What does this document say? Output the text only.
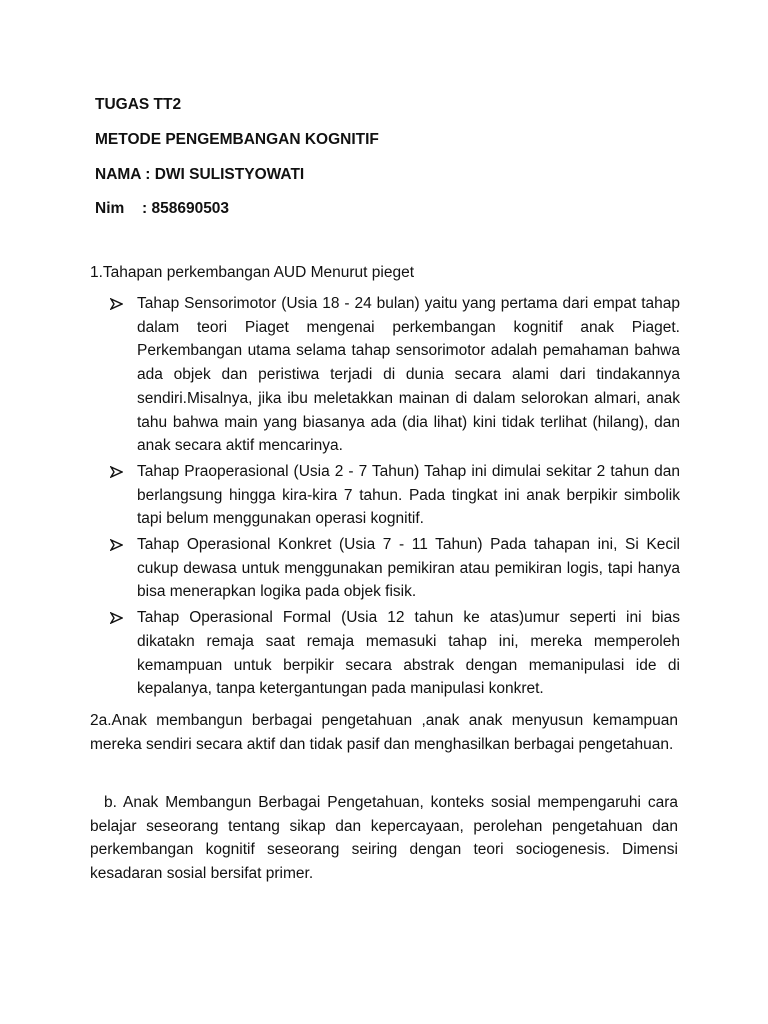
TUGAS TT2
METODE PENGEMBANGAN KOGNITIF
NAMA : DWI SULISTYOWATI
Nim : 858690503

1.Tahapan perkembangan AUD Menurut pieget

Tahap Sensorimotor (Usia 18 - 24 bulan) yaitu yang pertama dari empat tahap dalam teori Piaget mengenai perkembangan kognitif anak Piaget. Perkembangan utama selama tahap sensorimotor adalah pemahaman bahwa ada objek dan peristiwa terjadi di dunia secara alami dari tindakannya sendiri.Misalnya, jika ibu meletakkan mainan di dalam selorokan almari, anak tahu bahwa main yang biasanya ada (dia lihat) kini tidak terlihat (hilang), dan anak secara aktif mencarinya.
Tahap Praoperasional (Usia 2 - 7 Tahun) Tahap ini dimulai sekitar 2 tahun dan berlangsung hingga kira-kira 7 tahun. Pada tingkat ini anak berpikir simbolik tapi belum menggunakan operasi kognitif.
Tahap Operasional Konkret (Usia 7 - 11 Tahun) Pada tahapan ini, Si Kecil cukup dewasa untuk menggunakan pemikiran atau pemikiran logis, tapi hanya bisa menerapkan logika pada objek fisik.
Tahap Operasional Formal (Usia 12 tahun ke atas)umur seperti ini bias dikatakn remaja saat remaja memasuki tahap ini, mereka memperoleh kemampuan untuk berpikir secara abstrak dengan memanipulasi ide di kepalanya, tanpa ketergantungan pada manipulasi konkret.

2a.Anak membangun berbagai pengetahuan ,anak anak menyusun kemampuan mereka sendiri secara aktif dan tidak pasif dan menghasilkan berbagai pengetahuan.

b. Anak Membangun Berbagai Pengetahuan, konteks sosial mempengaruhi cara belajar seseorang tentang sikap dan kepercayaan, perolehan pengetahuan dan perkembangan kognitif seseorang seiring dengan teori sociogenesis. Dimensi kesadaran sosial bersifat primer.
